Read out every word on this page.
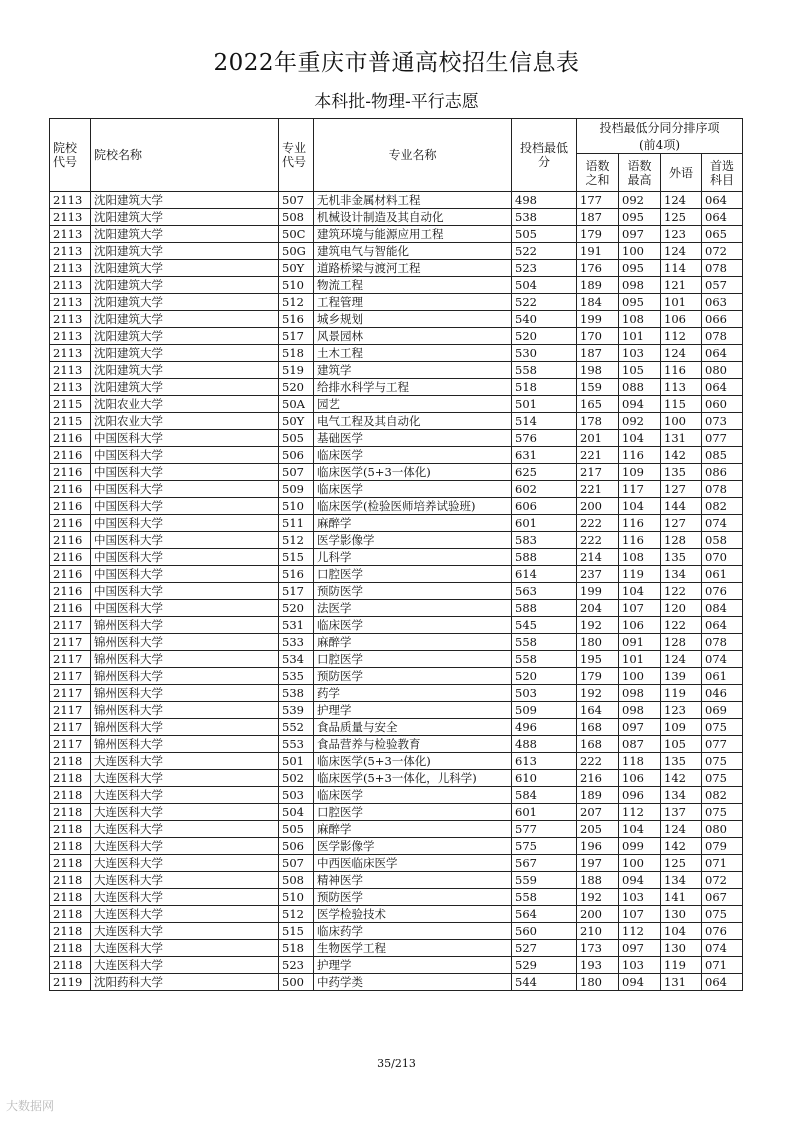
2022年重庆市普通高校招生信息表
本科批-物理-平行志愿
院校代号	院校名称	专业代号	专业名称	投档最低分	投档最低分同分排序项			
					(前4项)			
					语数之和	语数最高	外语	首选科目
2113	沈阳建筑大学	507	无机非金属材料工程	498	177	092	124	064
2113	沈阳建筑大学	508	机械设计制造及其自动化	538	187	095	125	064
2113	沈阳建筑大学	50C	建筑环境与能源应用工程	505	179	097	123	065
2113	沈阳建筑大学	50G	建筑电气与智能化	522	191	100	124	072
2113	沈阳建筑大学	50Y	道路桥梁与渡河工程	523	176	095	114	078
2113	沈阳建筑大学	510	物流工程	504	189	098	121	057
2113	沈阳建筑大学	512	工程管理	522	184	095	101	063
2113	沈阳建筑大学	516	城乡规划	540	199	108	106	066
2113	沈阳建筑大学	517	风景园林	520	170	101	112	078
2113	沈阳建筑大学	518	土木工程	530	187	103	124	064
2113	沈阳建筑大学	519	建筑学	558	198	105	116	080
2113	沈阳建筑大学	520	给排水科学与工程	518	159	088	113	064
2115	沈阳农业大学	50A	园艺	501	165	094	115	060
2115	沈阳农业大学	50Y	电气工程及其自动化	514	178	092	100	073
2116	中国医科大学	505	基础医学	576	201	104	131	077
2116	中国医科大学	506	临床医学	631	221	116	142	085
2116	中国医科大学	507	临床医学(5+3一体化)	625	217	109	135	086
2116	中国医科大学	509	临床医学	602	221	117	127	078
2116	中国医科大学	510	临床医学(检验医师培养试验班)	606	200	104	144	082
2116	中国医科大学	511	麻醉学	601	222	116	127	074
2116	中国医科大学	512	医学影像学	583	222	116	128	058
2116	中国医科大学	515	儿科学	588	214	108	135	070
2116	中国医科大学	516	口腔医学	614	237	119	134	061
2116	中国医科大学	517	预防医学	563	199	104	122	076
2116	中国医科大学	520	法医学	588	204	107	120	084
2117	锦州医科大学	531	临床医学	545	192	106	122	064
2117	锦州医科大学	533	麻醉学	558	180	091	128	078
2117	锦州医科大学	534	口腔医学	558	195	101	124	074
2117	锦州医科大学	535	预防医学	520	179	100	139	061
2117	锦州医科大学	538	药学	503	192	098	119	046
2117	锦州医科大学	539	护理学	509	164	098	123	069
2117	锦州医科大学	552	食品质量与安全	496	168	097	109	075
2117	锦州医科大学	553	食品营养与检验教育	488	168	087	105	077
2118	大连医科大学	501	临床医学(5+3一体化)	613	222	118	135	075
2118	大连医科大学	502	临床医学(5+3一体化，儿科学)	610	216	106	142	075
2118	大连医科大学	503	临床医学	584	189	096	134	082
2118	大连医科大学	504	口腔医学	601	207	112	137	075
2118	大连医科大学	505	麻醉学	577	205	104	124	080
2118	大连医科大学	506	医学影像学	575	196	099	142	079
2118	大连医科大学	507	中西医临床医学	567	197	100	125	071
2118	大连医科大学	508	精神医学	559	188	094	134	072
2118	大连医科大学	510	预防医学	558	192	103	141	067
2118	大连医科大学	512	医学检验技术	564	200	107	130	075
2118	大连医科大学	515	临床药学	560	210	112	104	076
2118	大连医科大学	518	生物医学工程	527	173	097	130	074
2118	大连医科大学	523	护理学	529	193	103	119	071
2119	沈阳药科大学	500	中药学类	544	180	094	131	064
35/213
大数据网
